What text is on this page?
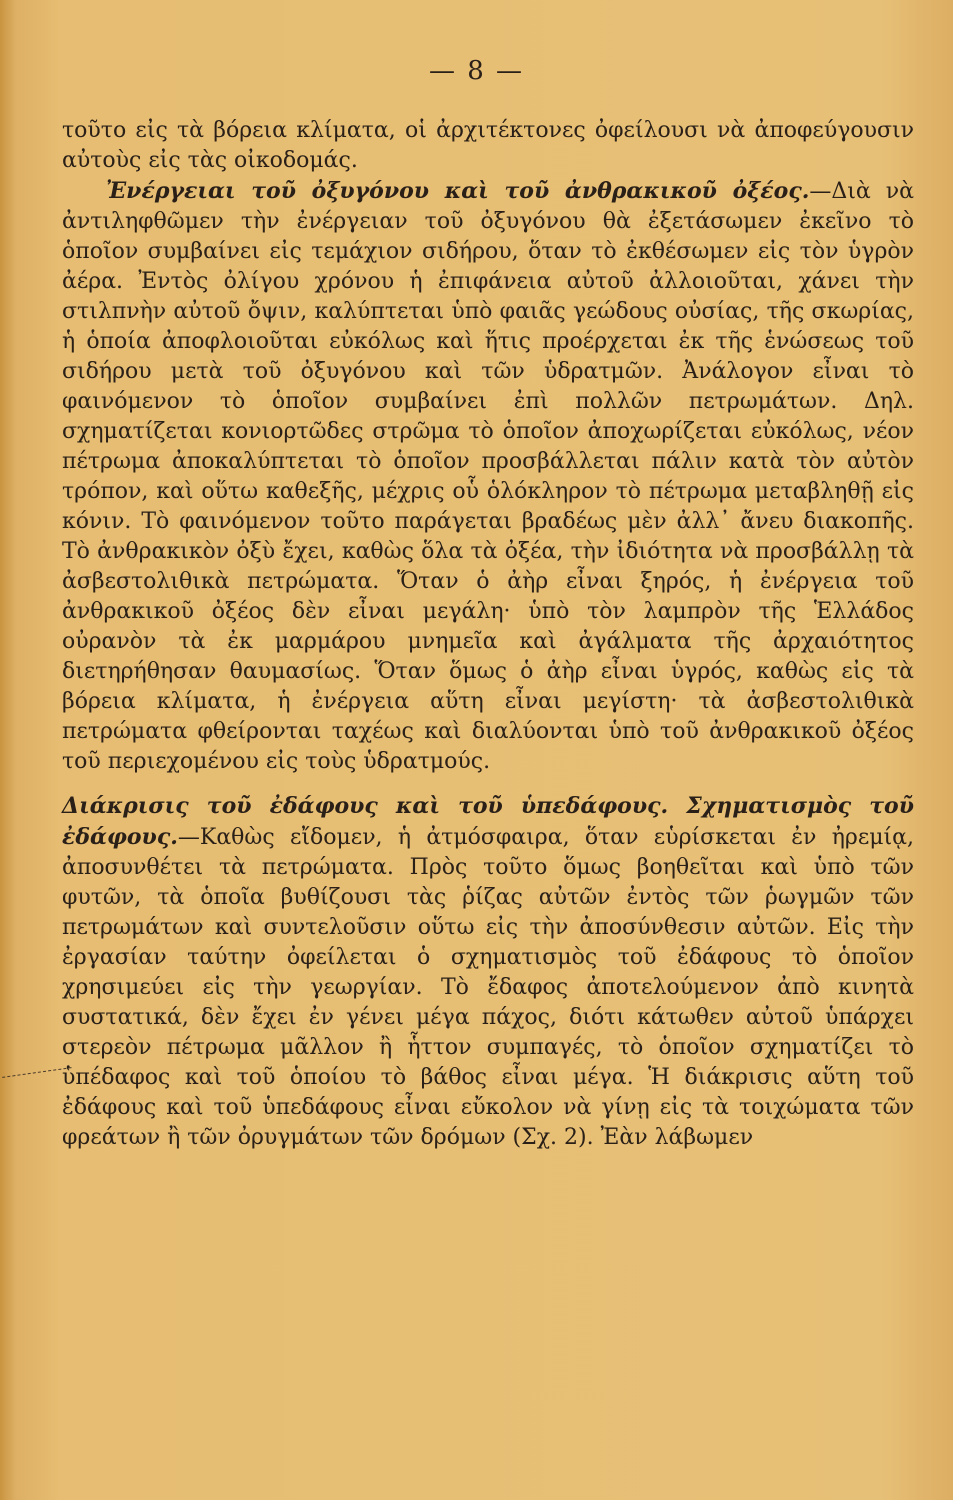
— 8 —

τοῦτο εἰς τὰ βόρεια κλίματα, οἱ ἀρχιτέκτονες ὀφείλουσι νὰ ἀποφεύγουσιν αὐτοὺς εἰς τὰς οἰκοδομάς.

Ἐνέργειαι τοῦ ὀξυγόνου καὶ τοῦ ἀνθρακικοῦ ὀξέος.—Διὰ νὰ ἀντιληφθῶμεν τὴν ἐνέργειαν τοῦ ὀξυγόνου θὰ ἐξετάσωμεν ἐκεῖνο τὸ ὁποῖον συμβαίνει εἰς τεμάχιον σιδήρου, ὅταν τὸ ἐκθέσωμεν εἰς τὸν ὑγρὸν ἀέρα. Ἐντὸς ὀλίγου χρόνου ἡ ἐπιφάνεια αὐτοῦ ἀλλοιοῦται, χάνει τὴν στιλπνὴν αὐτοῦ ὄψιν, καλύπτεται ὑπὸ φαιᾶς γεώδους οὐσίας, τῆς σκωρίας, ἡ ὁποία ἀποφλοιοῦται εὐκόλως καὶ ἥτις προέρχεται ἐκ τῆς ἑνώσεως τοῦ σιδήρου μετὰ τοῦ ὀξυγόνου καὶ τῶν ὑδρατμῶν. Ἀνάλογον εἶναι τὸ φαινόμενον τὸ ὁποῖον συμβαίνει ἐπὶ πολλῶν πετρωμάτων. Δηλ. σχηματίζεται κονιορτῶδες στρῶμα τὸ ὁποῖον ἀποχωρίζεται εὐκόλως, νέον πέτρωμα ἀποκαλύπτεται τὸ ὁποῖον προσβάλλεται πάλιν κατὰ τὸν αὐτὸν τρόπον, καὶ οὕτω καθεξῆς, μέχρις οὗ ὁλόκληρον τὸ πέτρωμα μεταβληθῇ εἰς κόνιν. Τὸ φαινόμενον τοῦτο παράγεται βραδέως μὲν ἀλλ᾽ ἄνευ διακοπῆς. Τὸ ἀνθρακικὸν ὀξὺ ἔχει, καθὼς ὅλα τὰ ὀξέα, τὴν ἰδιότητα νὰ προσβάλλῃ τὰ ἀσβεστολιθικὰ πετρώματα. Ὅταν ὁ ἀὴρ εἶναι ξηρός, ἡ ἐνέργεια τοῦ ἀνθρακικοῦ ὀξέος δὲν εἶναι μεγάλη· ὑπὸ τὸν λαμπρὸν τῆς Ἑλλάδος οὐρανὸν τὰ ἐκ μαρμάρου μνημεῖα καὶ ἀγάλματα τῆς ἀρχαιότητος διετηρήθησαν θαυμασίως. Ὅταν ὅμως ὁ ἀὴρ εἶναι ὑγρός, καθὼς εἰς τὰ βόρεια κλίματα, ἡ ἐνέργεια αὕτη εἶναι μεγίστη· τὰ ἀσβεστολιθικὰ πετρώματα φθείρονται ταχέως καὶ διαλύονται ὑπὸ τοῦ ἀνθρακικοῦ ὀξέος τοῦ περιεχομένου εἰς τοὺς ὑδρατμούς.

Διάκρισις τοῦ ἐδάφους καὶ τοῦ ὑπεδάφους. Σχηματισμὸς τοῦ ἐδάφους.—Καθὼς εἴδομεν, ἡ ἀτμόσφαιρα, ὅταν εὑρίσκεται ἐν ἠρεμίᾳ, ἀποσυνθέτει τὰ πετρώματα. Πρὸς τοῦτο ὅμως βοηθεῖται καὶ ὑπὸ τῶν φυτῶν, τὰ ὁποῖα βυθίζουσι τὰς ῥίζας αὐτῶν ἐντὸς τῶν ῥωγμῶν τῶν πετρωμάτων καὶ συντελοῦσιν οὕτω εἰς τὴν ἀποσύνθεσιν αὐτῶν. Εἰς τὴν ἐργασίαν ταύτην ὀφείλεται ὁ σχηματισμὸς τοῦ ἐδάφους τὸ ὁποῖον χρησιμεύει εἰς τὴν γεωργίαν. Τὸ ἔδαφος ἀποτελούμενον ἀπὸ κινητὰ συστατικά, δὲν ἔχει ἐν γένει μέγα πάχος, διότι κάτωθεν αὐτοῦ ὑπάρχει στερεὸν πέτρωμα μᾶλλον ἢ ἧττον συμπαγές, τὸ ὁποῖον σχηματίζει τὸ ὑπέδαφος καὶ τοῦ ὁποίου τὸ βάθος εἶναι μέγα. Ἡ διάκρισις αὕτη τοῦ ἐδάφους καὶ τοῦ ὑπεδάφους εἶναι εὔκολον νὰ γίνῃ εἰς τὰ τοιχώματα τῶν φρεάτων ἢ τῶν ὀρυγμάτων τῶν δρόμων (Σχ. 2). Ἐὰν λάβωμεν
